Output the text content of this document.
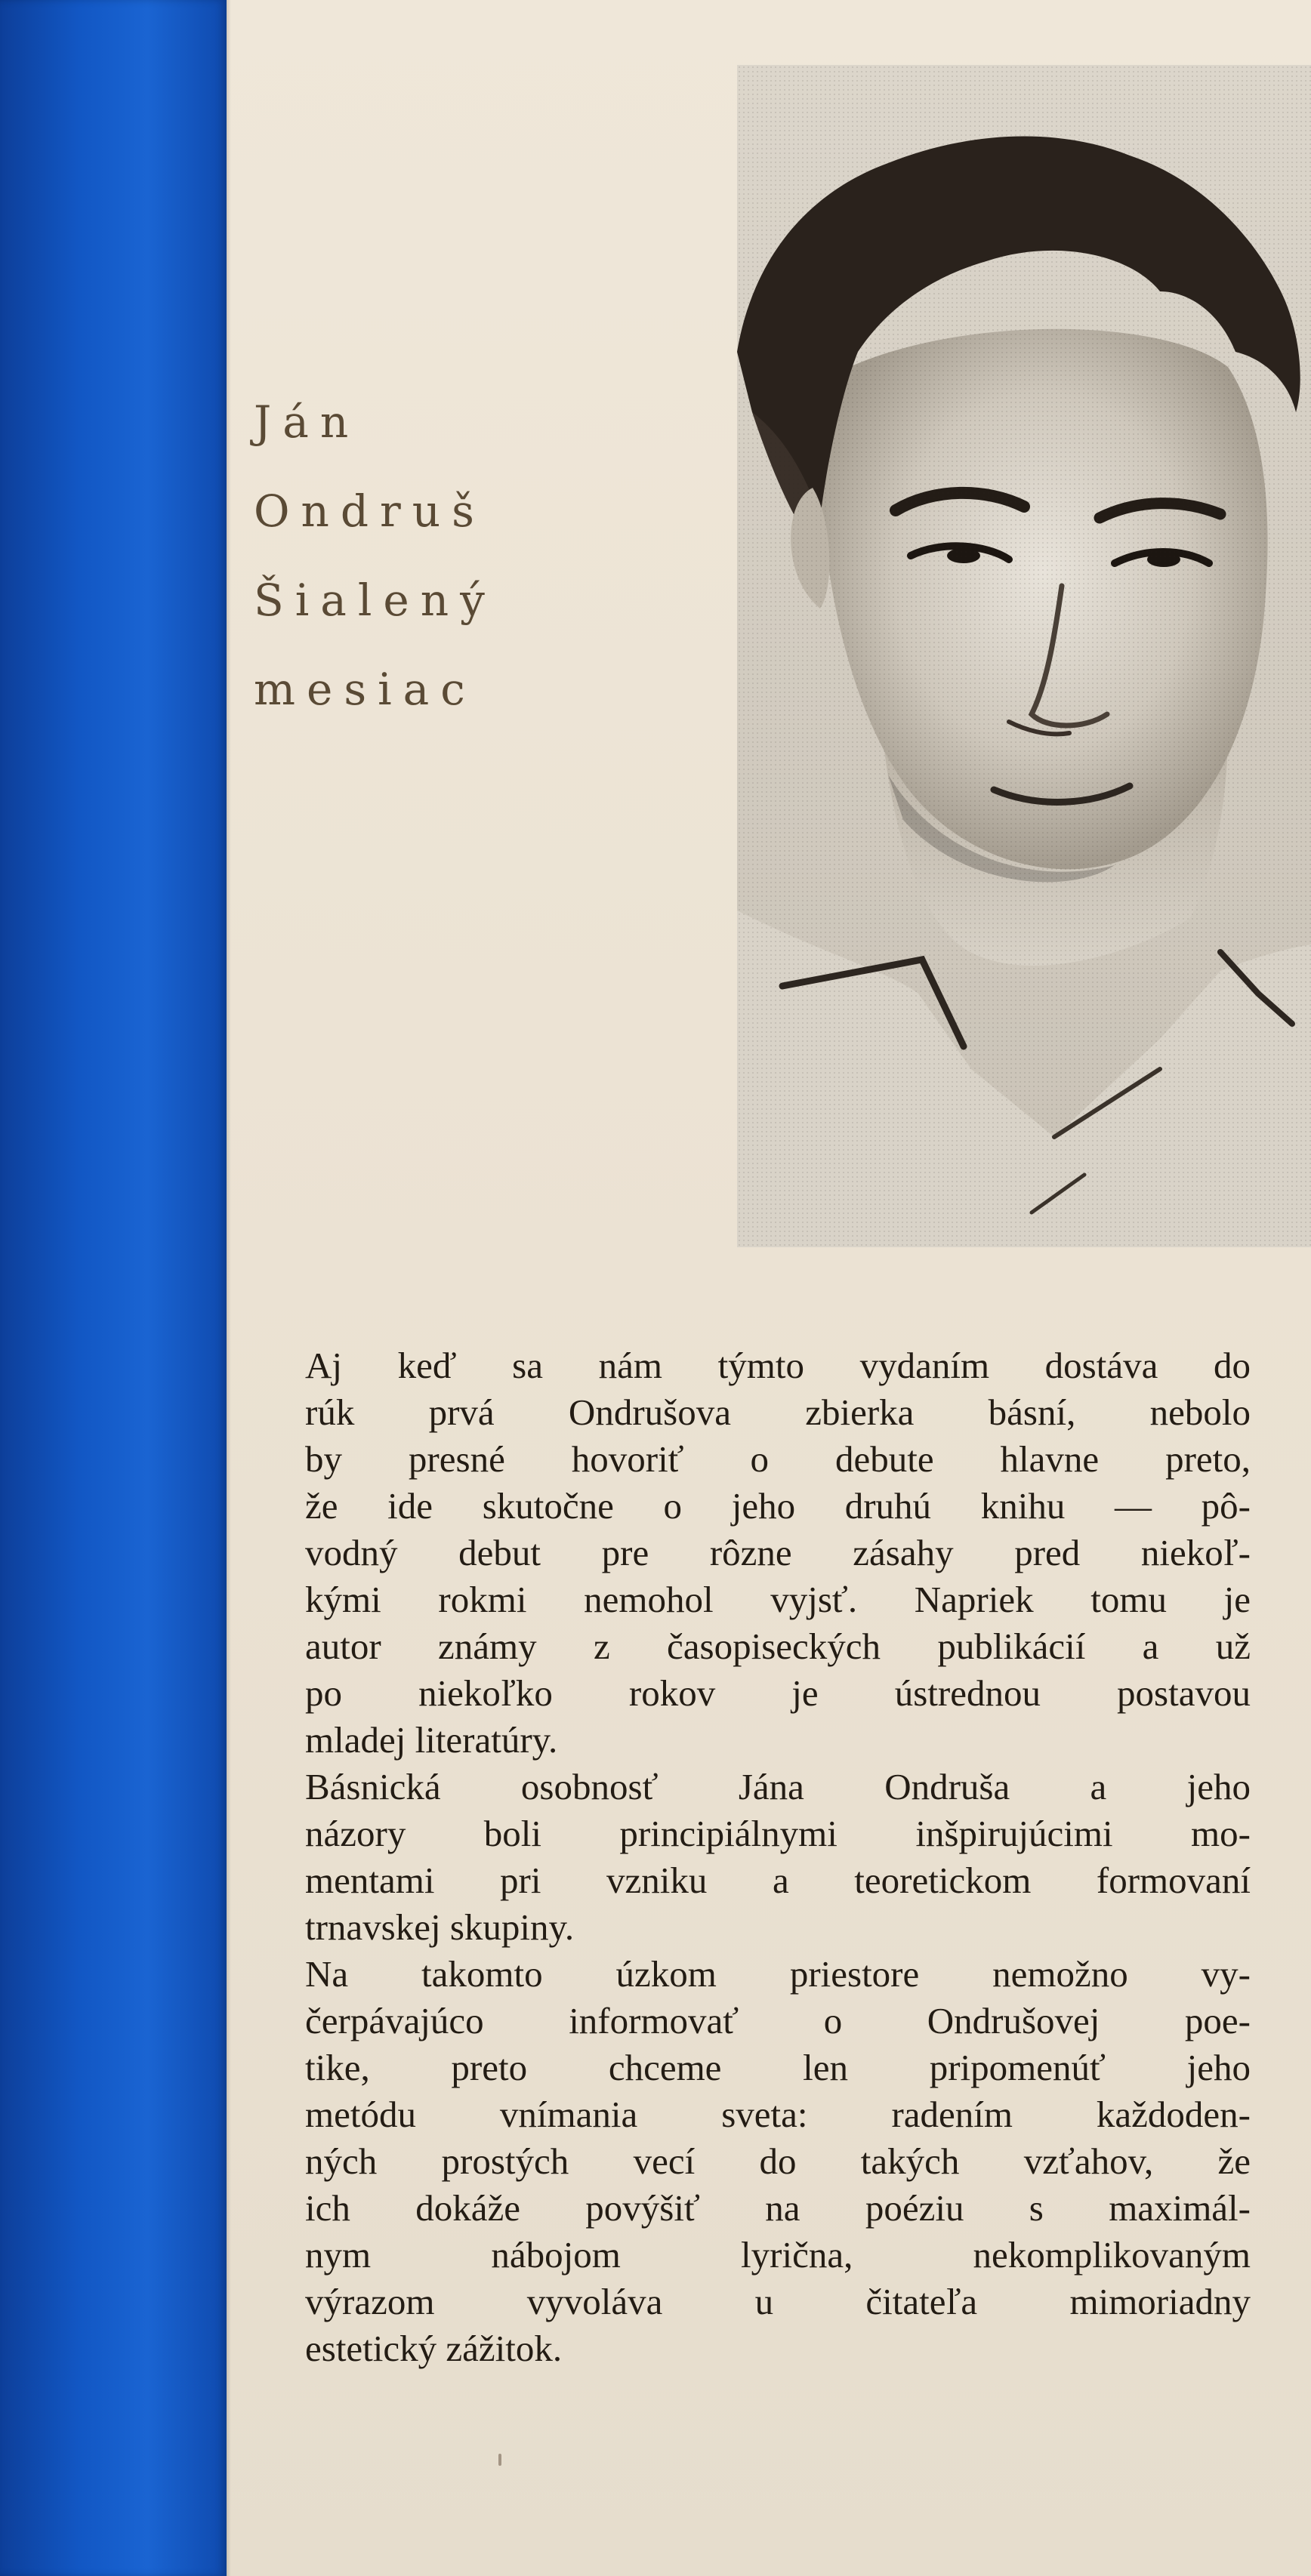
Ján
Ondruš
Šialený
mesiac

Aj keď sa nám týmto vydaním dostáva do
rúk prvá Ondrušova zbierka básní, nebolo
by presné hovoriť o debute hlavne preto,
že ide skutočne o jeho druhú knihu — pô-
vodný debut pre rôzne zásahy pred niekoľ-
kými rokmi nemohol vyjsť. Napriek tomu je
autor známy z časopiseckých publikácií a už
po niekoľko rokov je ústrednou postavou
mladej literatúry.

Básnická osobnosť Jána Ondruša a jeho
názory boli principiálnymi inšpirujúcimi mo-
mentami pri vzniku a teoretickom formovaní
trnavskej skupiny.

Na takomto úzkom priestore nemožno vy-
čerpávajúco informovať o Ondrušovej poe-
tike, preto chceme len pripomenúť jeho
metódu vnímania sveta: radením každoden-
ných prostých vecí do takých vzťahov, že
ich dokáže povýšiť na poéziu s maximál-
nym nábojom lyrična, nekomplikovaným
výrazom vyvoláva u čitateľa mimoriadny
estetický zážitok.
